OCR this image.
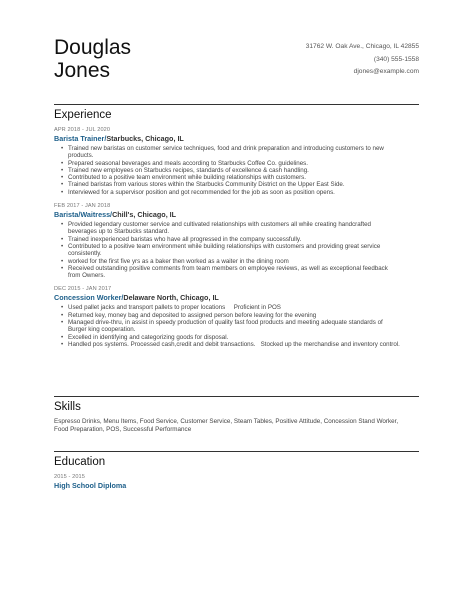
Douglas
Jones
31762 W. Oak Ave., Chicago, IL 42855
(340) 555-1558
djones@example.com
Experience
APR 2018 - JUL 2020
Barista Trainer/Starbucks, Chicago, IL
• Trained new baristas on customer service techniques, food and drink preparation and introducing customers to new products.
• Prepared seasonal beverages and meals according to Starbucks Coffee Co. guidelines.
• Trained new employees on Starbucks recipes, standards of excellence & cash handling.
• Contributed to a positive team environment while building relationships with customers.
• Trained baristas from various stores within the Starbucks Community District on the Upper East Side.
• Interviewed for a supervisor position and got recommended for the job as soon as position opens.
FEB 2017 - JAN 2018
Barista/Waitress/Chill's, Chicago, IL
• Provided legendary customer service and cultivated relationships with customers all while creating handcrafted beverages up to Starbucks standard.
• Trained inexperienced baristas who have all progressed in the company successfully.
• Contributed to a positive team environment while building relationships with customers and providing great service consistently.
• worked for the first five yrs as a baker then worked as a waiter in the dining room
• Received outstanding positive comments from team members on employee reviews, as well as exceptional feedback from Owners.
DEC 2015 - JAN 2017
Concession Worker/Delaware North, Chicago, IL
• Used pallet jacks and transport pallets to proper locations     Proficient in POS
• Returned key, money bag and deposited to assigned person before leaving for the evening
• Managed drive-thru, in assist in speedy production of quality fast food products and meeting adequate standards of Burger king cooperation.
• Excelled in identifying and categorizing goods for disposal.
• Handled pos systems. Processed cash,credit and debit transactions.   Stocked up the merchandise and inventory control.
Skills
Espresso Drinks, Menu Items, Food Service, Customer Service, Steam Tables, Positive Attitude, Concession Stand Worker, Food Preparation, POS, Successful Performance
Education
2015 - 2015
High School Diploma
